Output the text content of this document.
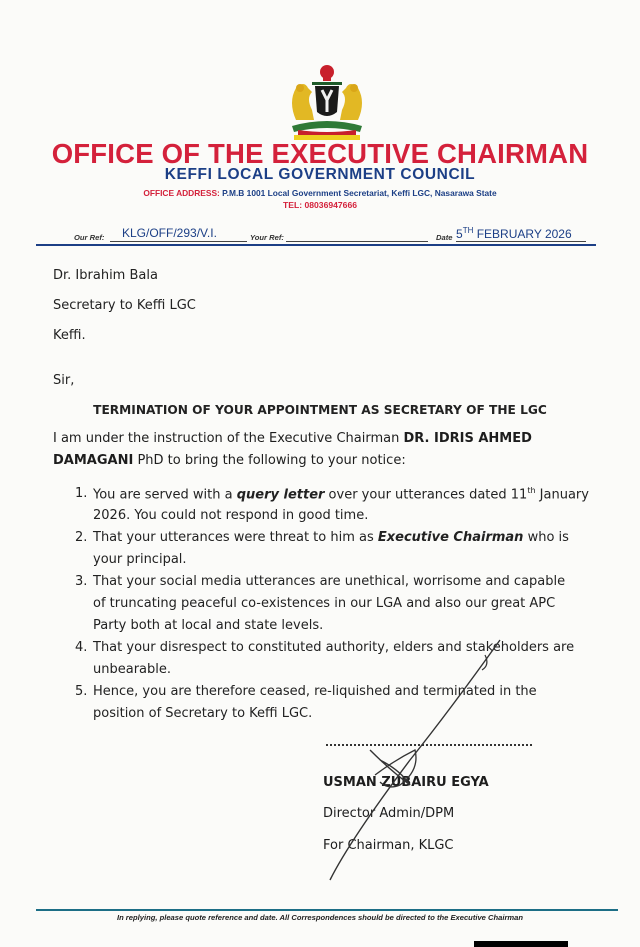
OFFICE OF THE EXECUTIVE CHAIRMAN
KEFFI LOCAL GOVERNMENT COUNCIL
OFFICE ADDRESS: P.M.B 1001 Local Government Secretariat, Keffi LGC, Nasarawa State
TEL: 08036947666
Our Ref: KLG/OFF/293/V.I.	Your Ref:	Date 5TH FEBRUARY 2026
Dr. Ibrahim Bala
Secretary to Keffi LGC
Keffi.
Sir,
TERMINATION OF YOUR APPOINTMENT AS SECRETARY OF THE LGC
I am under the instruction of the Executive Chairman DR. IDRIS AHMED
DAMAGANI PhD to bring the following to your notice:
1. You are served with a query letter over your utterances dated 11th January
2026. You could not respond in good time.
2. That your utterances were threat to him as Executive Chairman who is
your principal.
3. That your social media utterances are unethical, worrisome and capable
of truncating peaceful co-existences in our LGA and also our great APC
Party both at local and state levels.
4. That your disrespect to constituted authority, elders and stakeholders are
unbearable.
5. Hence, you are therefore ceased, re-liquished and terminated in the
position of Secretary to Keffi LGC.
USMAN ZUBAIRU EGYA
Director Admin/DPM
For Chairman, KLGC
In replying, please quote reference and date. All Correspondences should be directed to the Executive Chairman
